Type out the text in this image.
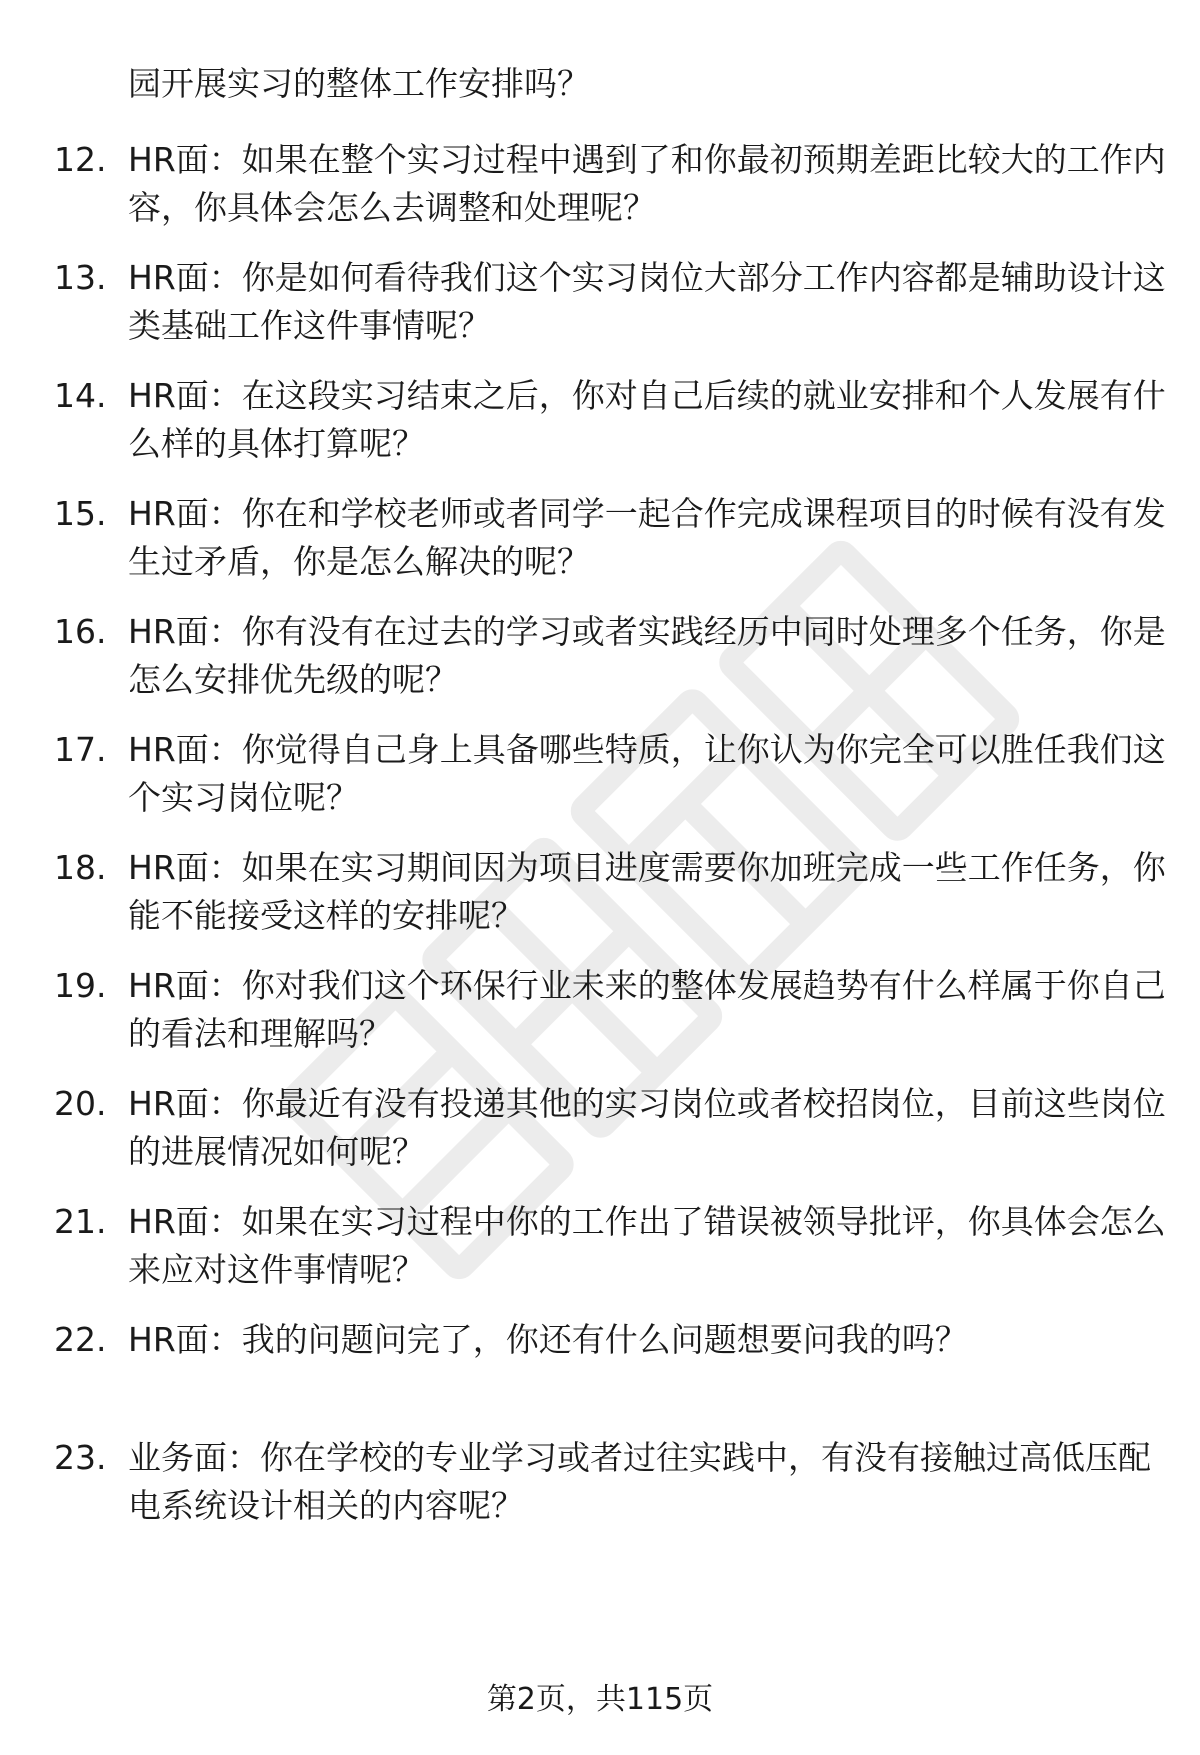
园开展实习的整体工作安排吗？
12. HR面：如果在整个实习过程中遇到了和你最初预期差距比较大的工作内容，你具体会怎么去调整和处理呢？
13. HR面：你是如何看待我们这个实习岗位大部分工作内容都是辅助设计这类基础工作这件事情呢？
14. HR面：在这段实习结束之后，你对自己后续的就业安排和个人发展有什么样的具体打算呢？
15. HR面：你在和学校老师或者同学一起合作完成课程项目的时候有没有发生过矛盾，你是怎么解决的呢？
16. HR面：你有没有在过去的学习或者实践经历中同时处理多个任务，你是怎么安排优先级的呢？
17. HR面：你觉得自己身上具备哪些特质，让你认为你完全可以胜任我们这个实习岗位呢？
18. HR面：如果在实习期间因为项目进度需要你加班完成一些工作任务，你能不能接受这样的安排呢？
19. HR面：你对我们这个环保行业未来的整体发展趋势有什么样属于你自己的看法和理解吗？
20. HR面：你最近有没有投递其他的实习岗位或者校招岗位，目前这些岗位的进展情况如何呢？
21. HR面：如果在实习过程中你的工作出了错误被领导批评，你具体会怎么来应对这件事情呢？
22. HR面：我的问题问完了，你还有什么问题想要问我的吗？
23. 业务面：你在学校的专业学习或者过往实践中，有没有接触过高低压配电系统设计相关的内容呢？
第2页，共115页
